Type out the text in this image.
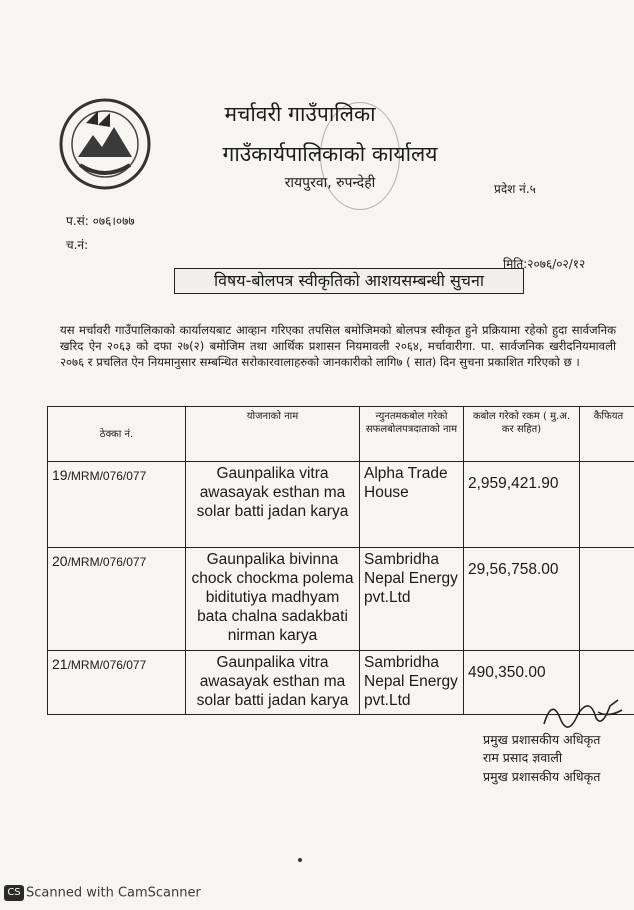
मर्चावरी गाउँपालिका
गाउँकार्यपालिकाको कार्यालय
रायपुरवा, रुपन्देही	प्रदेश नं.५
प.सं: ०७६।०७७
च.नं:
मिति:२०७६/०२/१२
विषय-बोलपत्र स्वीकृतिको आशयसम्बन्धी सुचना
यस मर्चावरी गाउँपालिकाको कार्यालयबाट आव्हान गरिएका तपसिल बमोजिमको बोलपत्र स्वीकृत हुने प्रक्रियामा रहेको हुदा सार्वजनिक खरिद ऐन २०६३ को दफा २७(२) बमोजिम तथा आर्थिक प्रशासन नियमावली २०६४, मर्चावारीगा. पा. सार्वजनिक खरीदनियमावली २०७६ र प्रचलित ऐन नियमानुसार सम्बन्धित सरोकारवालाहरुको जानकारीको लागि७ ( सात) दिन सुचना प्रकाशित गरिएको छ ।
ठेक्का नं.	योजनाको नाम	न्युनतमकबोल गरेको सफलबोलपत्रदाताको नाम	कबोल गरेको रकम ( मु.अ. कर सहित)	कैफियत
19/MRM/076/077	Gaunpalika vitra awasayak esthan ma solar batti jadan karya	Alpha Trade House	2,959,421.90	
20/MRM/076/077	Gaunpalika bivinna chock chockma polema biditutiya madhyam bata chalna sadakbati nirman karya	Sambridha Nepal Energy pvt.Ltd	29,56,758.00	
21/MRM/076/077	Gaunpalika vitra awasayak esthan ma solar batti jadan karya	Sambridha Nepal Energy pvt.Ltd	490,350.00	
प्रमुख प्रशासकीय अधिकृत
राम प्रसाद ज्ञवाली
प्रमुख प्रशासकीय अधिकृत
CS Scanned with CamScanner
